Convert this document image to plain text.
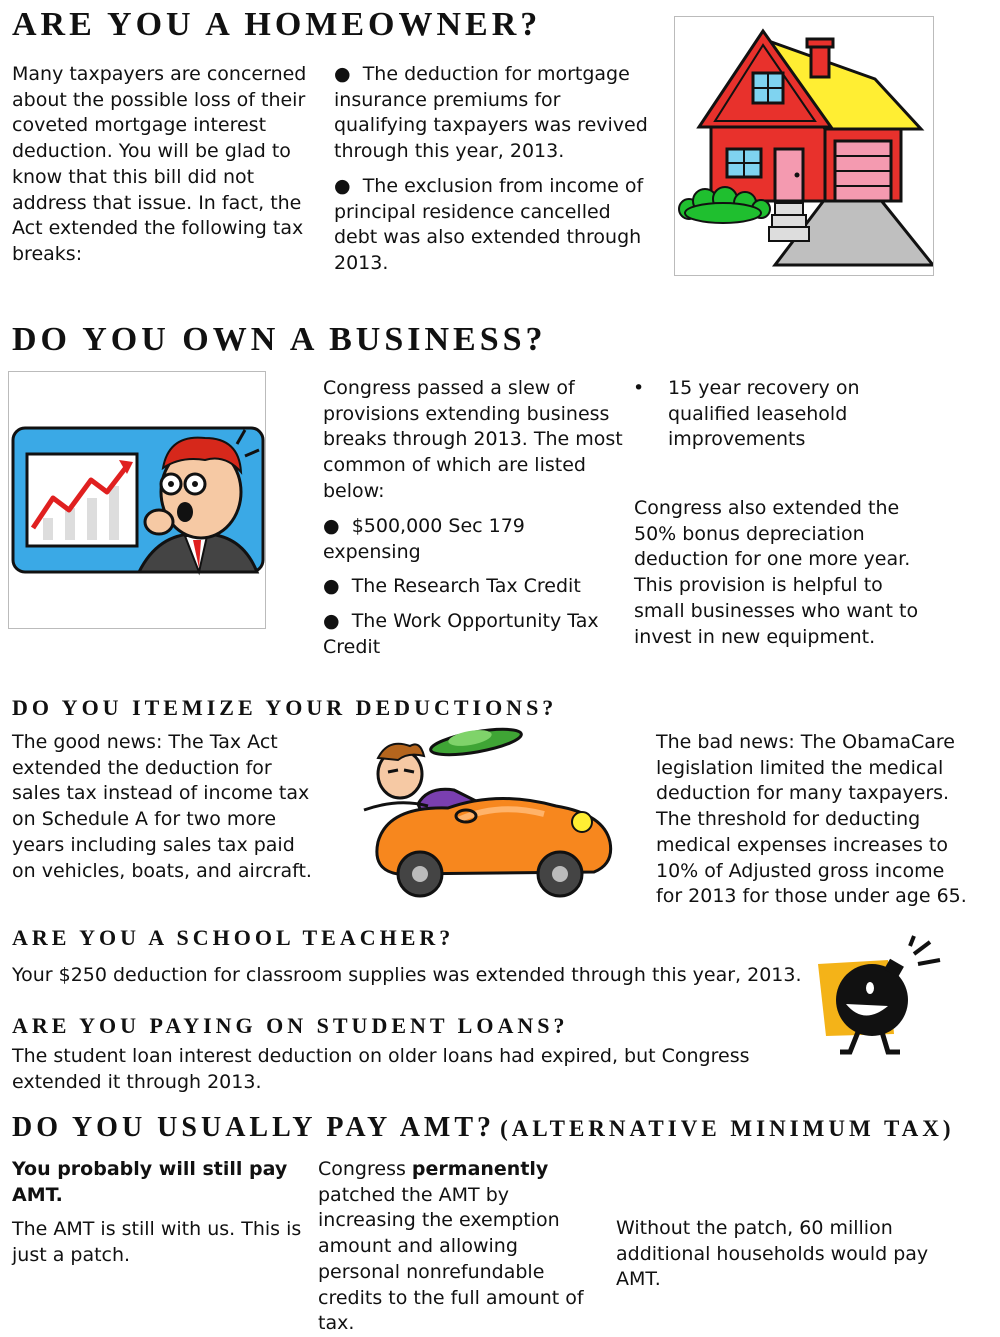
ARE YOU A HOMEOWNER?
Many taxpayers are concerned about the possible loss of their coveted mortgage interest deduction. You will be glad to know that this bill did not address that issue. In fact, the Act extended the following tax breaks:

● The deduction for mortgage insurance premiums for qualifying taxpayers was revived through this year, 2013.

● The exclusion from income of principal residence cancelled debt was also extended through 2013.

DO YOU OWN A BUSINESS?
Congress passed a slew of provisions extending business breaks through 2013. The most common of which are listed below:

● $500,000 Sec 179 expensing

● The Research Tax Credit

● The Work Opportunity Tax Credit

• 15 year recovery on qualified leasehold improvements
Congress also extended the 50% bonus depreciation deduction for one more year. This provision is helpful to small businesses who want to invest in new equipment.
DO YOU ITEMIZE YOUR DEDUCTIONS?
The good news: The Tax Act extended the deduction for sales tax instead of income tax on Schedule A for two more years including sales tax paid on vehicles, boats, and aircraft.
The bad news: The ObamaCare legislation limited the medical deduction for many taxpayers. The threshold for deducting medical expenses increases to 10% of Adjusted gross income for 2013 for those under age 65.
ARE YOU A SCHOOL TEACHER?
Your $250 deduction for classroom supplies was extended through this year, 2013.
ARE YOU PAYING ON STUDENT LOANS?
The student loan interest deduction on older loans had expired, but Congress extended it through 2013.
DO YOU USUALLY PAY AMT? (ALTERNATIVE MINIMUM TAX)

You probably will still pay AMT.

The AMT is still with us. This is just a patch.

Congress permanently patched the AMT by increasing the exemption amount and allowing personal nonrefundable credits to the full amount of tax.
Without the patch, 60 million additional households would pay AMT.
